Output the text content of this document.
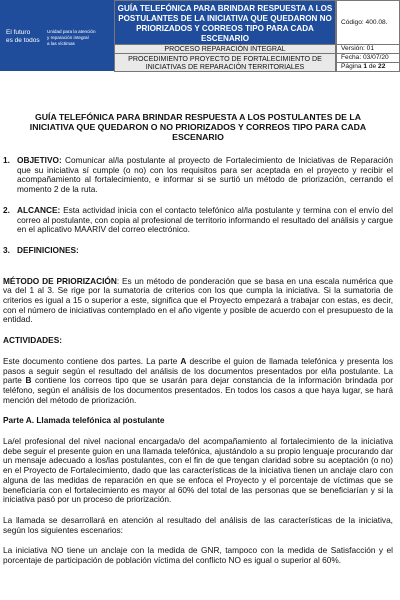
El futuro
es de todos
Unidad para la atención
y reparación integral
a las víctimas
GUÍA TELEFÓNICA PARA BRINDAR RESPUESTA A LOS POSTULANTES DE LA INICIATIVA QUE QUEDARON NO PRIORIZADOS Y CORREOS TIPO PARA CADA ESCENARIO
PROCESO REPARACIÓN INTEGRAL
PROCEDIMIENTO PROYECTO DE FORTALECIMIENTO DE INICIATIVAS DE REPARACIÓN TERRITORIALES
Código: 400.08.
Versión: 01
Fecha: 03/07/20
Página 1 de 22

GUÍA TELEFÓNICA PARA BRINDAR RESPUESTA A LOS POSTULANTES DE LA INICIATIVA QUE QUEDARON O NO PRIORIZADOS Y CORREOS TIPO PARA CADA ESCENARIO

1. OBJETIVO: Comunicar al/la postulante al proyecto de Fortalecimiento de Iniciativas de Reparación que su iniciativa sí cumple (o no) con los requisitos para ser aceptada en el proyecto y recibir el acompañamiento al fortalecimiento, e informar si se surtió un método de priorización, cerrando el momento 2 de la ruta.
2. ALCANCE: Esta actividad inicia con el contacto telefónico al/la postulante y termina con el envío del correo al postulante, con copia al profesional de territorio informando el resultado del análisis y cargue en el aplicativo MAARIV del correo electrónico.
3. DEFINICIONES:

MÉTODO DE PRIORIZACIÓN: Es un método de ponderación que se basa en una escala numérica que va del 1 al 3. Se rige por la sumatoria de criterios con los que cumpla la iniciativa. Si la sumatoria de criterios es igual a 15 o superior a este, significa que el Proyecto empezará a trabajar con estas, es decir, con el número de iniciativas contemplado en el año vigente y posible de acuerdo con el presupuesto de la entidad.

ACTIVIDADES:

Este documento contiene dos partes. La parte A describe el guion de llamada telefónica y presenta los pasos a seguir según el resultado del análisis de los documentos presentados por el/la postulante. La parte B contiene los correos tipo que se usarán para dejar constancia de la información brindada por teléfono, según el análisis de los documentos presentados. En todos los casos a que haya lugar, se hará mención del método de priorización.

Parte A. Llamada telefónica al postulante

La/el profesional del nivel nacional encargada/o del acompañamiento al fortalecimiento de la iniciativa debe seguir el presente guion en una llamada telefónica, ajustándolo a su propio lenguaje procurando dar un mensaje adecuado a los/las postulantes, con el fin de que tengan claridad sobre su aceptación (o no) en el Proyecto de Fortalecimiento, dado que las características de la iniciativa tienen un anclaje claro con alguna de las medidas de reparación en que se enfoca el Proyecto y el porcentaje de víctimas que se beneficiaría con el fortalecimiento es mayor al 60% del total de las personas que se beneficiarían y si la iniciativa pasó por un proceso de priorización.

La llamada se desarrollará en atención al resultado del análisis de las características de la iniciativa, según los siguientes escenarios:

La iniciativa NO tiene un anclaje con la medida de GNR, tampoco con la medida de Satisfacción y el porcentaje de participación de población víctima del conflicto NO es igual o superior al 60%.
